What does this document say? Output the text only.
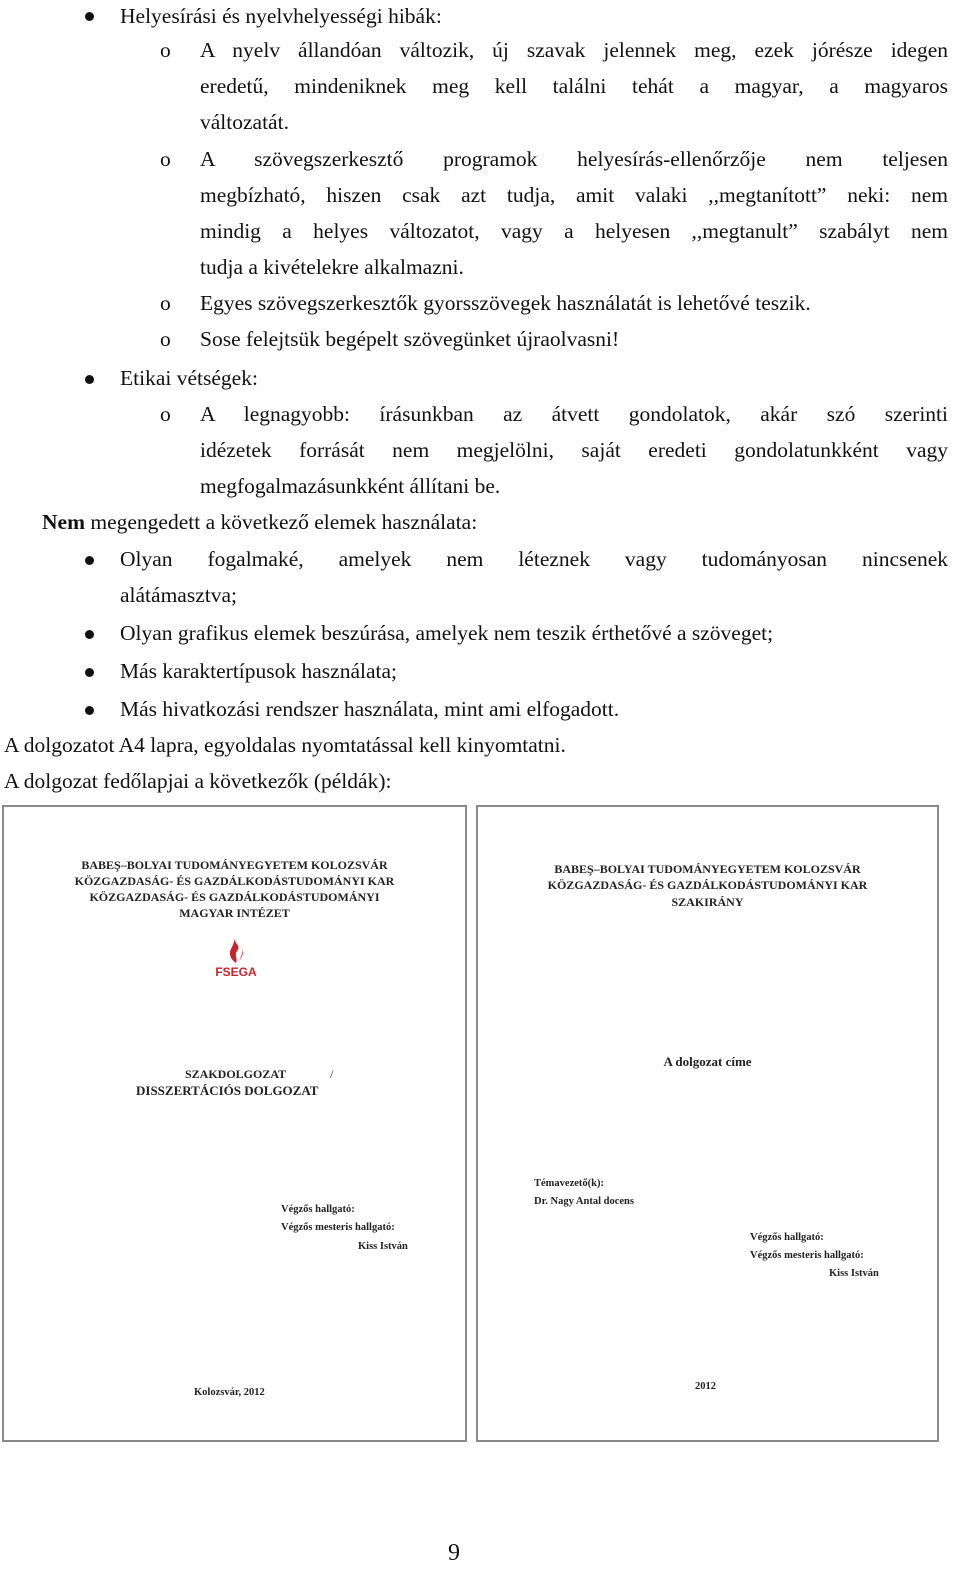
Helyesírási és nyelvhelyességi hibák:
o A nyelv állandóan változik, új szavak jelennek meg, ezek jórésze idegen
eredetű, mindeniknek meg kell találni tehát a magyar, a magyaros
változatát.
o A szövegszerkesztő programok helyesírás-ellenőrzője nem teljesen
megbízható, hiszen csak azt tudja, amit valaki ,,megtanított” neki: nem
mindig a helyes változatot, vagy a helyesen ,,megtanult” szabályt nem
tudja a kivételekre alkalmazni.
o Egyes szövegszerkesztők gyorsszövegek használatát is lehetővé teszik.
o Sose felejtsük begépelt szövegünket újraolvasni!
Etikai vétségek:
o A legnagyobb: írásunkban az átvett gondolatok, akár szó szerinti
idézetek forrását nem megjelölni, saját eredeti gondolatunkként vagy
megfogalmazásunkként állítani be.
Nem megengedett a következő elemek használata:
Olyan fogalmaké, amelyek nem léteznek vagy tudományosan nincsenek
alátámasztva;
Olyan grafikus elemek beszúrása, amelyek nem teszik érthetővé a szöveget;
Más karaktertípusok használata;
Más hivatkozási rendszer használata, mint ami elfogadott.
A dolgozatot A4 lapra, egyoldalas nyomtatással kell kinyomtatni.
A dolgozat fedőlapjai a következők (példák):
BABEŞ–BOLYAI TUDOMÁNYEGYETEM KOLOZSVÁR
KÖZGAZDASÁG- ÉS GAZDÁLKODÁSTUDOMÁNYI KAR
KÖZGAZDASÁG- ÉS GAZDÁLKODÁSTUDOMÁNYI
MAGYAR INTÉZET
FSEGA
SZAKDOLGOZAT	/
DISSZERTÁCIÓS DOLGOZAT
Végzős hallgató:
Végzős mesteris hallgató:
Kiss István
Kolozsvár, 2012
BABEŞ–BOLYAI TUDOMÁNYEGYETEM KOLOZSVÁR
KÖZGAZDASÁG- ÉS GAZDÁLKODÁSTUDOMÁNYI KAR
SZAKIRÁNY
A dolgozat címe
Témavezető(k):
Dr. Nagy Antal docens
Végzős hallgató:
Végzős mesteris hallgató:
Kiss István
2012
9
